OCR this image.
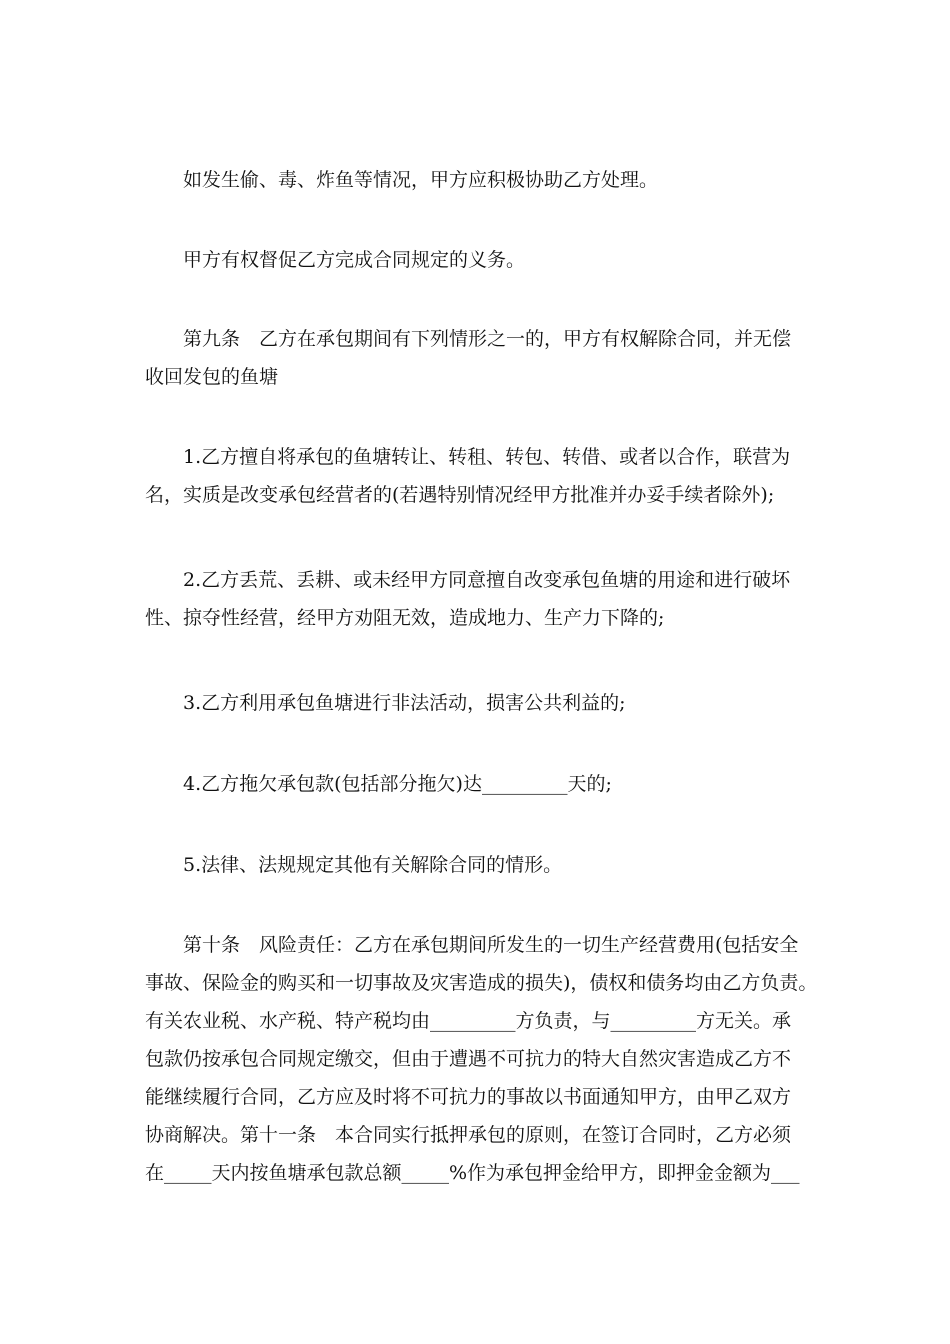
如发生偷、毒、炸鱼等情况，甲方应积极协助乙方处理。
甲方有权督促乙方完成合同规定的义务。
第九条　乙方在承包期间有下列情形之一的，甲方有权解除合同，并无偿
收回发包的鱼塘
1.乙方擅自将承包的鱼塘转让、转租、转包、转借、或者以合作，联营为
名，实质是改变承包经营者的(若遇特别情况经甲方批准并办妥手续者除外);
2.乙方丢荒、丢耕、或未经甲方同意擅自改变承包鱼塘的用途和进行破坏
性、掠夺性经营，经甲方劝阻无效，造成地力、生产力下降的;
3.乙方利用承包鱼塘进行非法活动，损害公共利益的;
4.乙方拖欠承包款(包括部分拖欠)达_________天的;
5.法律、法规规定其他有关解除合同的情形。
第十条　风险责任：乙方在承包期间所发生的一切生产经营费用(包括安全
事故、保险金的购买和一切事故及灾害造成的损失)，债权和债务均由乙方负责。
有关农业税、水产税、特产税均由_________方负责，与_________方无关。承
包款仍按承包合同规定缴交，但由于遭遇不可抗力的特大自然灾害造成乙方不
能继续履行合同，乙方应及时将不可抗力的事故以书面通知甲方，由甲乙双方
协商解决。第十一条　本合同实行抵押承包的原则，在签订合同时，乙方必须
在_____天内按鱼塘承包款总额_____%作为承包押金给甲方，即押金金额为___
